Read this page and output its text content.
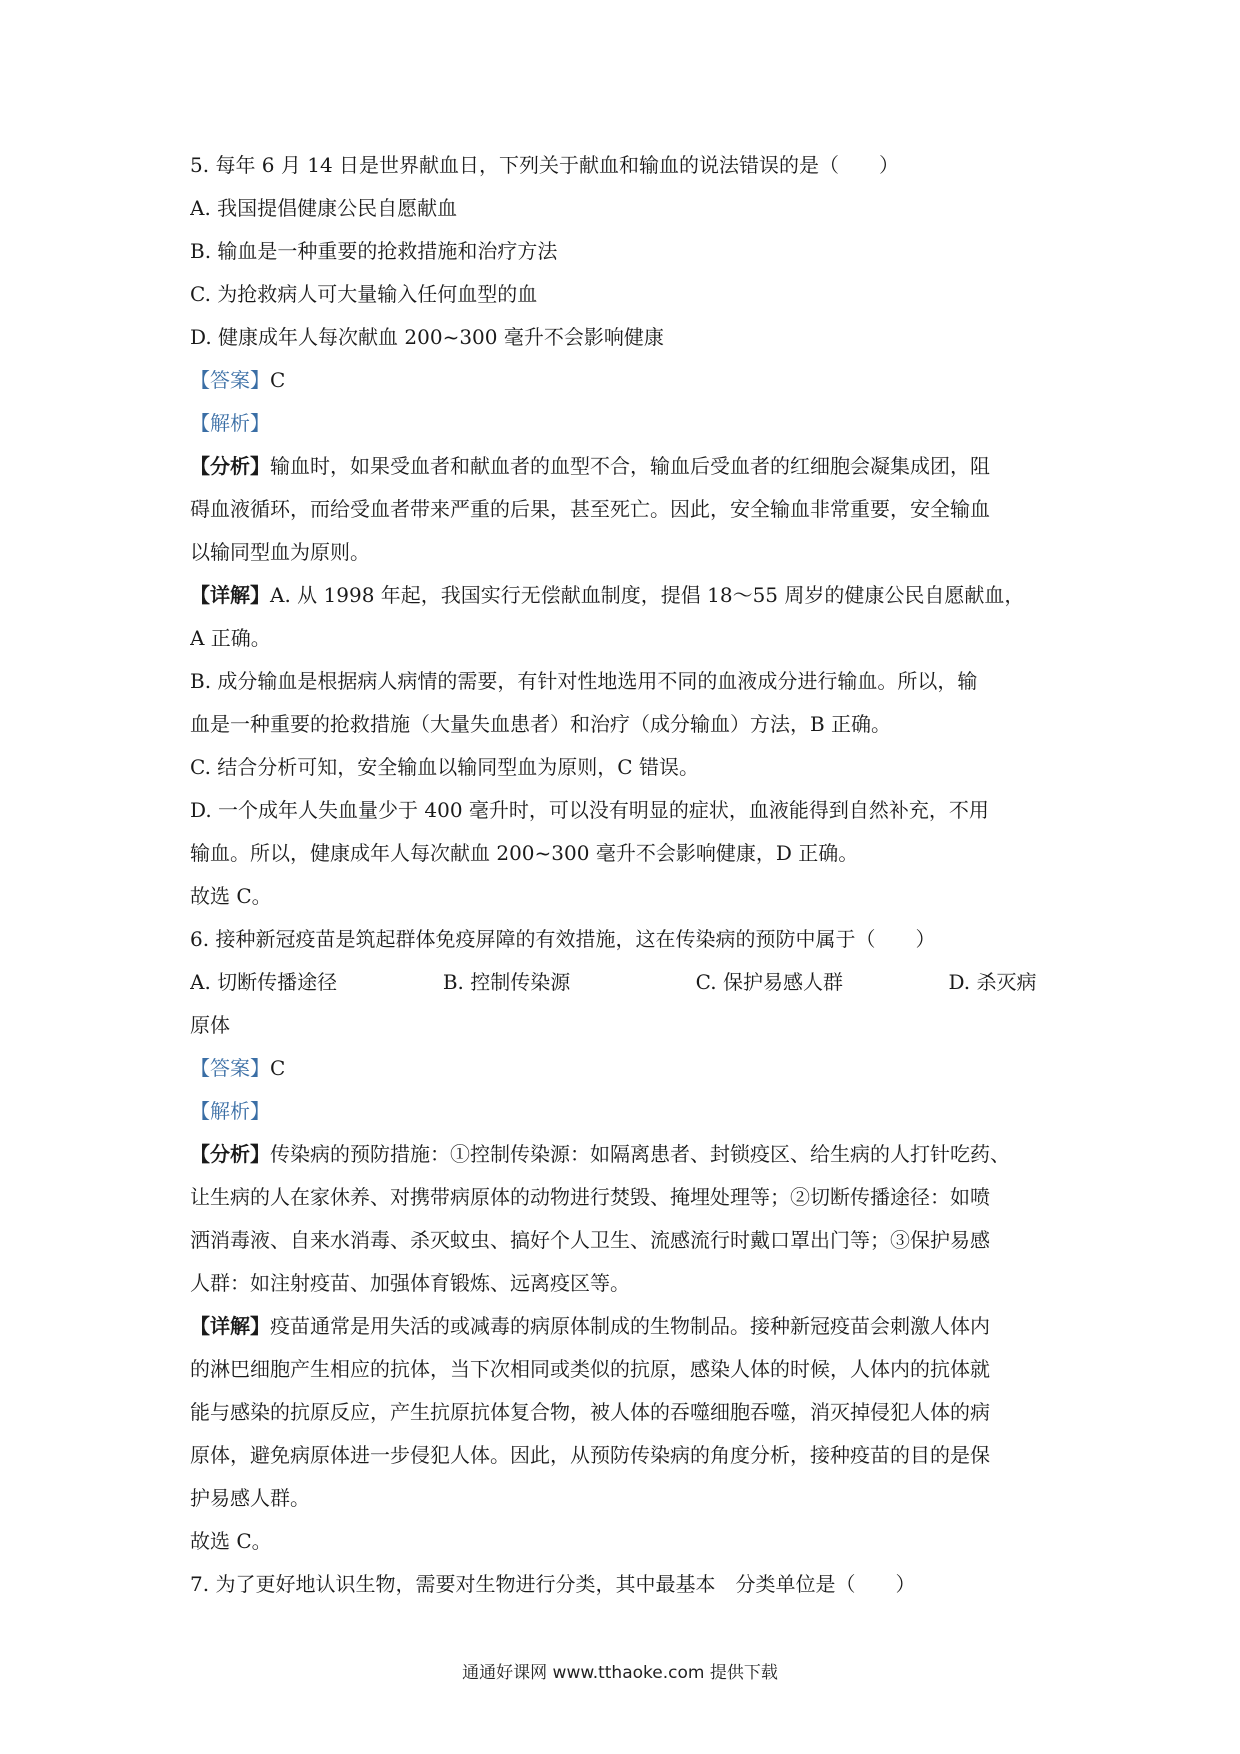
5. 每年 6 月 14 日是世界献血日，下列关于献血和输血的说法错误的是（　　）
A. 我国提倡健康公民自愿献血
B. 输血是一种重要的抢救措施和治疗方法
C. 为抢救病人可大量输入任何血型的血
D. 健康成年人每次献血 200~300 毫升不会影响健康
【答案】C
【解析】
【分析】输血时，如果受血者和献血者的血型不合，输血后受血者的红细胞会凝集成团，阻
碍血液循环，而给受血者带来严重的后果，甚至死亡。因此，安全输血非常重要，安全输血
以输同型血为原则。
【详解】A. 从 1998 年起，我国实行无偿献血制度，提倡 18～55 周岁的健康公民自愿献血，
A 正确。
B. 成分输血是根据病人病情的需要，有针对性地选用不同的血液成分进行输血。所以，输
血是一种重要的抢救措施（大量失血患者）和治疗（成分输血）方法，B 正确。
C. 结合分析可知，安全输血以输同型血为原则，C 错误。
D. 一个成年人失血量少于 400 毫升时，可以没有明显的症状，血液能得到自然补充，不用
输血。所以，健康成年人每次献血 200~300 毫升不会影响健康，D 正确。
故选 C。
6. 接种新冠疫苗是筑起群体免疫屏障的有效措施，这在传染病的预防中属于（　　）
A. 切断传播途径	B. 控制传染源	C. 保护易感人群	D. 杀灭病
原体
【答案】C
【解析】
【分析】传染病的预防措施：①控制传染源：如隔离患者、封锁疫区、给生病的人打针吃药、
让生病的人在家休养、对携带病原体的动物进行焚毁、掩埋处理等；②切断传播途径：如喷
洒消毒液、自来水消毒、杀灭蚊虫、搞好个人卫生、流感流行时戴口罩出门等；③保护易感
人群：如注射疫苗、加强体育锻炼、远离疫区等。
【详解】疫苗通常是用失活的或减毒的病原体制成的生物制品。接种新冠疫苗会刺激人体内
的淋巴细胞产生相应的抗体，当下次相同或类似的抗原，感染人体的时候，人体内的抗体就
能与感染的抗原反应，产生抗原抗体复合物，被人体的吞噬细胞吞噬，消灭掉侵犯人体的病
原体，避免病原体进一步侵犯人体。因此，从预防传染病的角度分析，接种疫苗的目的是保
护易感人群。
故选 C。
7. 为了更好地认识生物，需要对生物进行分类，其中最基本　分类单位是（　　）
通通好课网 www.tthaoke.com 提供下载
